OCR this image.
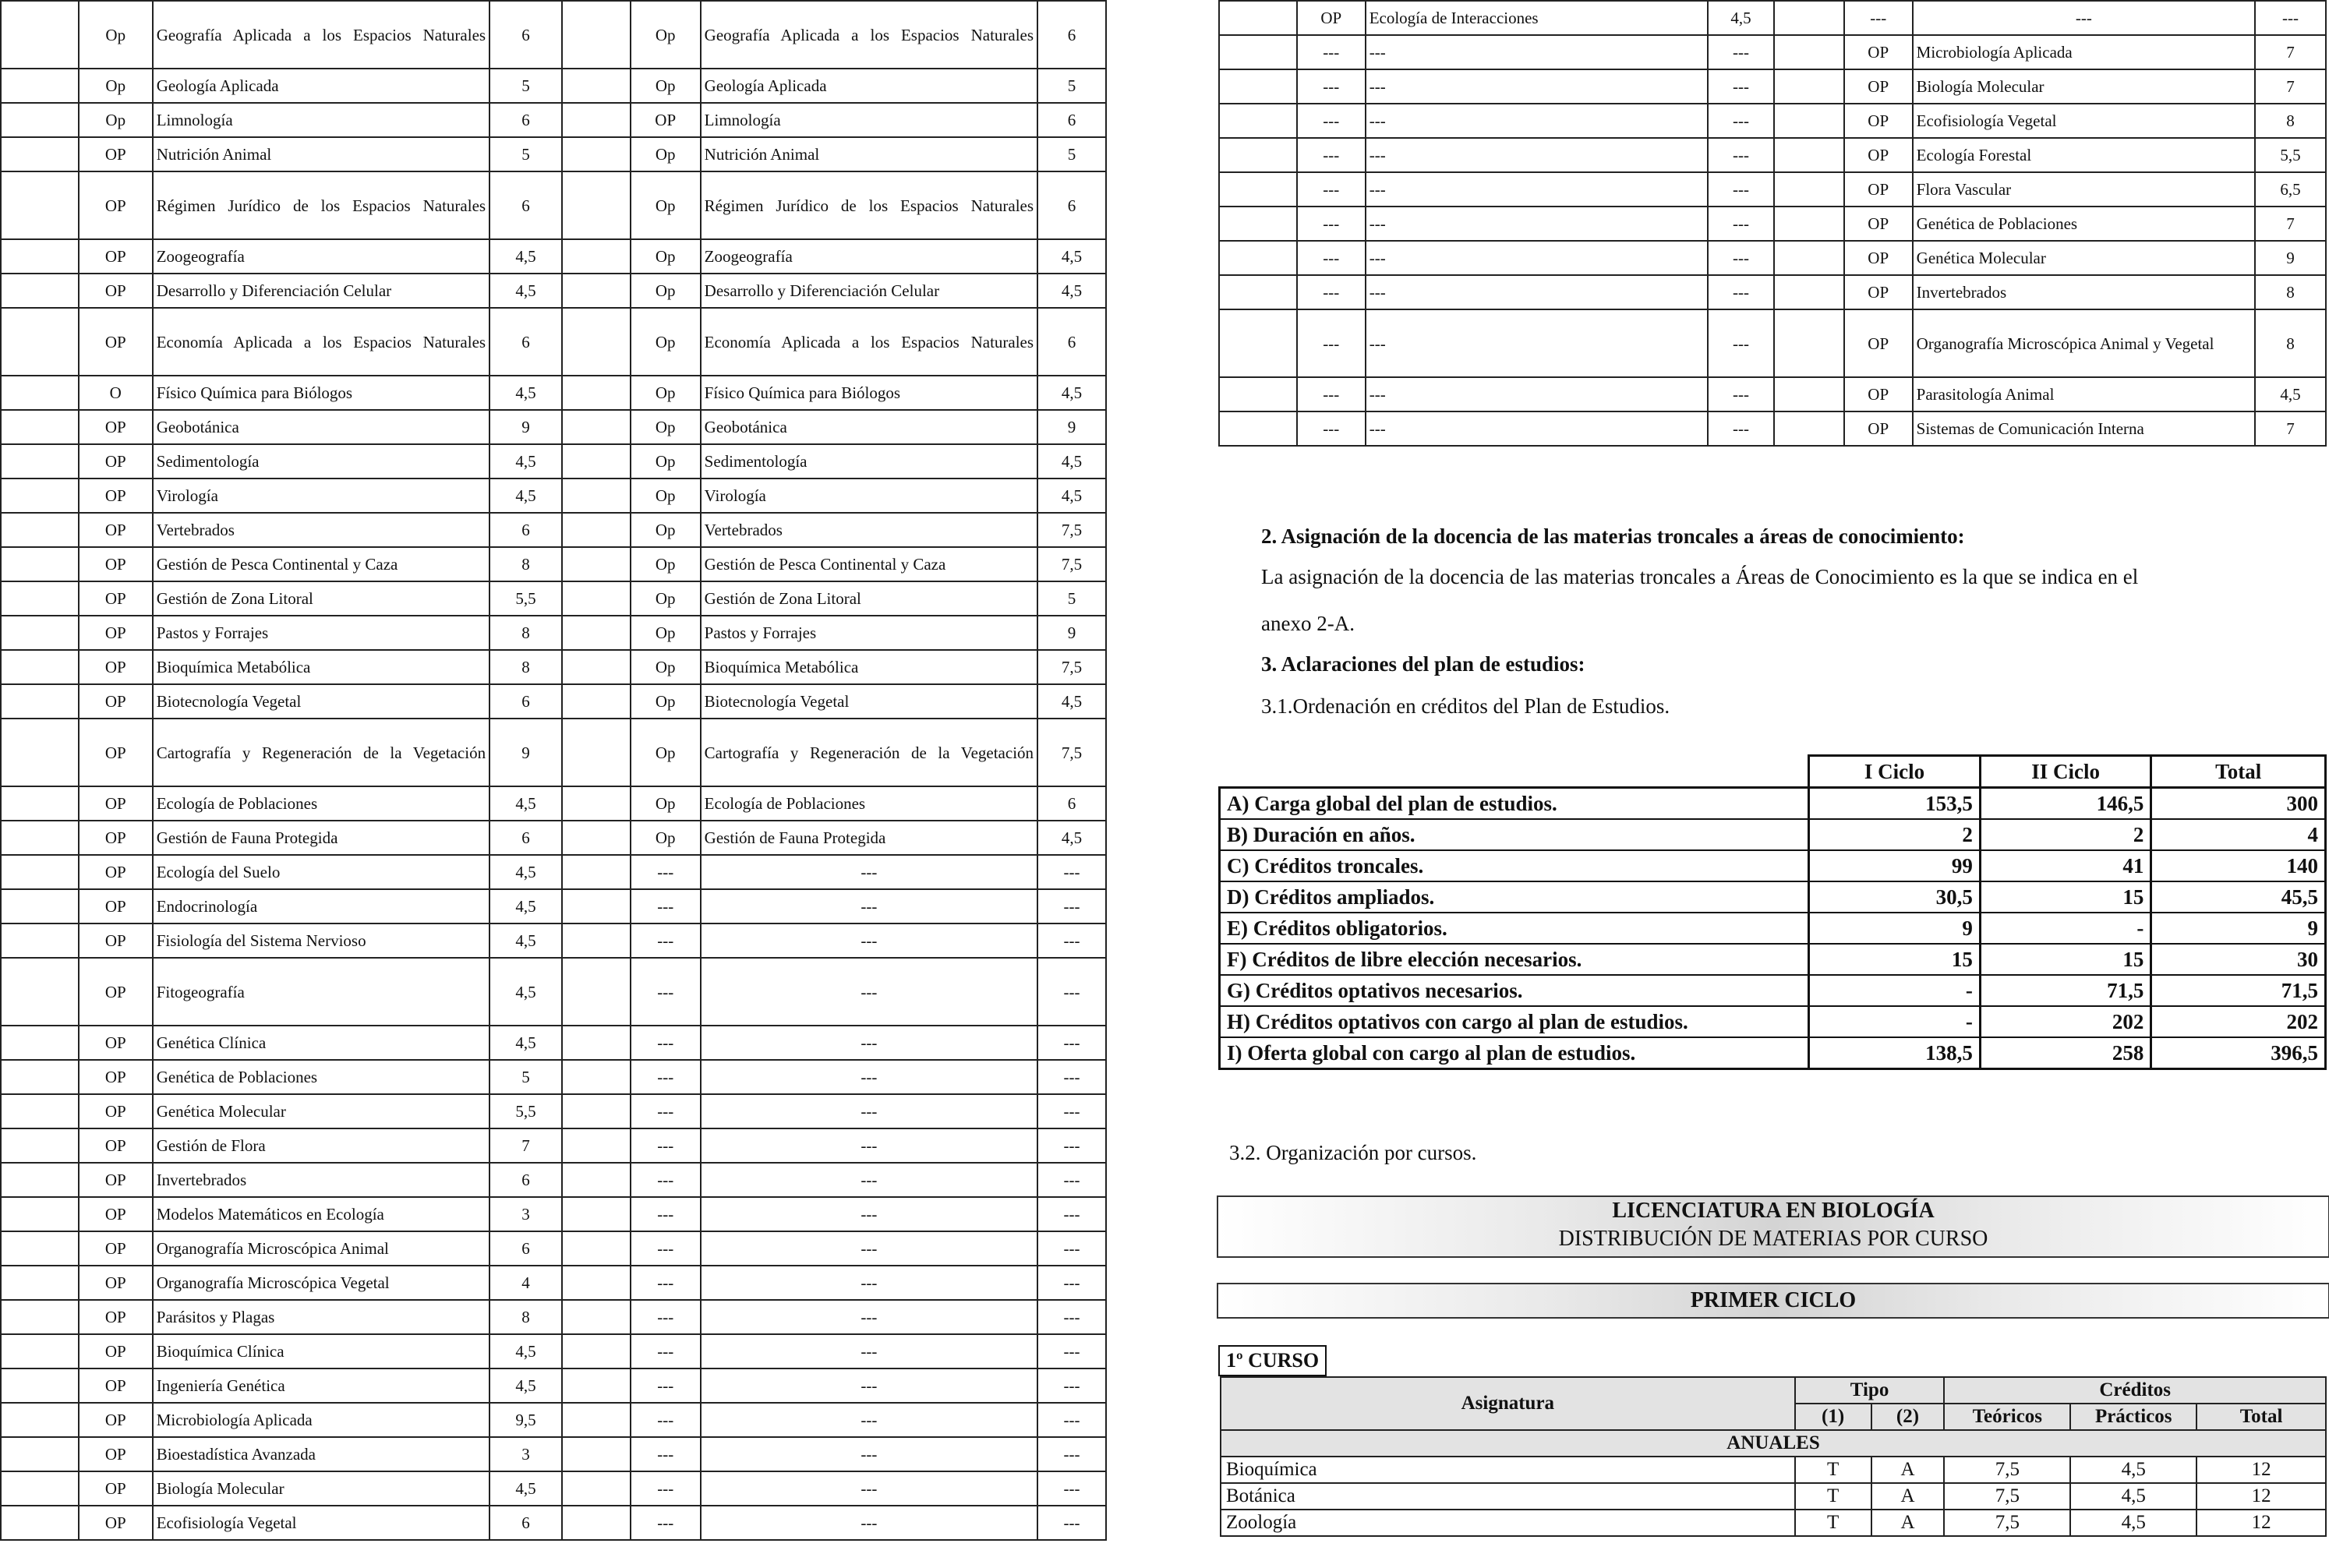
	Op	Geografía Aplicada a los Espacios Naturales	6		Op	Geografía Aplicada a los Espacios Naturales	6
	Op	Geología Aplicada	5		Op	Geología Aplicada	5
	Op	Limnología	6		OP	Limnología	6
	OP	Nutrición Animal	5		Op	Nutrición Animal	5
	OP	Régimen Jurídico de los Espacios Naturales	6		Op	Régimen Jurídico de los Espacios Naturales	6
	OP	Zoogeografía	4,5		Op	Zoogeografía	4,5
	OP	Desarrollo y Diferenciación Celular	4,5		Op	Desarrollo y Diferenciación Celular	4,5
	OP	Economía Aplicada a los Espacios Naturales	6		Op	Economía Aplicada a los Espacios Naturales	6
	O	Físico Química para Biólogos	4,5		Op	Físico Química para Biólogos	4,5
	OP	Geobotánica	9		Op	Geobotánica	9
	OP	Sedimentología	4,5		Op	Sedimentología	4,5
	OP	Virología	4,5		Op	Virología	4,5
	OP	Vertebrados	6		Op	Vertebrados	7,5
	OP	Gestión de Pesca Continental y Caza	8		Op	Gestión de Pesca Continental y Caza	7,5
	OP	Gestión de Zona Litoral	5,5		Op	Gestión de Zona Litoral	5
	OP	Pastos y Forrajes	8		Op	Pastos y Forrajes	9
	OP	Bioquímica Metabólica	8		Op	Bioquímica Metabólica	7,5
	OP	Biotecnología Vegetal	6		Op	Biotecnología Vegetal	4,5
	OP	Cartografía y Regeneración de la Vegetación	9		Op	Cartografía y Regeneración de la Vegetación	7,5
	OP	Ecología de Poblaciones	4,5		Op	Ecología de Poblaciones	6
	OP	Gestión de Fauna Protegida	6		Op	Gestión de Fauna Protegida	4,5
	OP	Ecología del Suelo	4,5		---	---	---
	OP	Endocrinología	4,5		---	---	---
	OP	Fisiología del Sistema Nervioso	4,5		---	---	---
	OP	Fitogeografía	4,5		---	---	---
	OP	Genética Clínica	4,5		---	---	---
	OP	Genética de Poblaciones	5		---	---	---
	OP	Genética Molecular	5,5		---	---	---
	OP	Gestión de Flora	7		---	---	---
	OP	Invertebrados	6		---	---	---
	OP	Modelos Matemáticos en Ecología	3		---	---	---
	OP	Organografía Microscópica Animal	6		---	---	---
	OP	Organografía Microscópica Vegetal	4		---	---	---
	OP	Parásitos y Plagas	8		---	---	---
	OP	Bioquímica Clínica	4,5		---	---	---
	OP	Ingeniería Genética	4,5		---	---	---
	OP	Microbiología Aplicada	9,5		---	---	---
	OP	Bioestadística Avanzada	3		---	---	---
	OP	Biología Molecular	4,5		---	---	---
	OP	Ecofisiología Vegetal	6		---	---	---
	OP	Ecología de Interacciones	4,5		---	---	---
	---	---	---		OP	Microbiología Aplicada	7
	---	---	---		OP	Biología Molecular	7
	---	---	---		OP	Ecofisiología Vegetal	8
	---	---	---		OP	Ecología Forestal	5,5
	---	---	---		OP	Flora Vascular	6,5
	---	---	---		OP	Genética de Poblaciones	7
	---	---	---		OP	Genética Molecular	9
	---	---	---		OP	Invertebrados	8
	---	---	---		OP	Organografía Microscópica Animal y Vegetal	8
	---	---	---		OP	Parasitología Animal	4,5
	---	---	---		OP	Sistemas de Comunicación Interna	7
2. Asignación de la docencia de las materias troncales a áreas de conocimiento:
La asignación de la docencia de las materias troncales a Áreas de Conocimiento es la que se indica en el
anexo 2-A.
3. Aclaraciones del plan de estudios:
3.1.Ordenación en créditos del Plan de Estudios.
	I Ciclo	II Ciclo	Total
A) Carga global del plan de estudios.	153,5	146,5	300
B) Duración en años.	2	2	4
C) Créditos troncales.	99	41	140
D) Créditos ampliados.	30,5	15	45,5
E) Créditos obligatorios.	9	-	9
F) Créditos de libre elección necesarios.	15	15	30
G) Créditos optativos necesarios.	-	71,5	71,5
H) Créditos optativos con cargo al plan de estudios.	-	202	202
I) Oferta global con cargo al plan de estudios.	138,5	258	396,5
3.2. Organización por cursos.
LICENCIATURA EN BIOLOGÍA
DISTRIBUCIÓN DE MATERIAS POR CURSO
PRIMER CICLO
1º CURSO
Asignatura	Tipo		Créditos		
	(1)	(2)	Teóricos	Prácticos	Total
ANUALES					
Bioquímica	T	A	7,5	4,5	12
Botánica	T	A	7,5	4,5	12
Zoología	T	A	7,5	4,5	12
